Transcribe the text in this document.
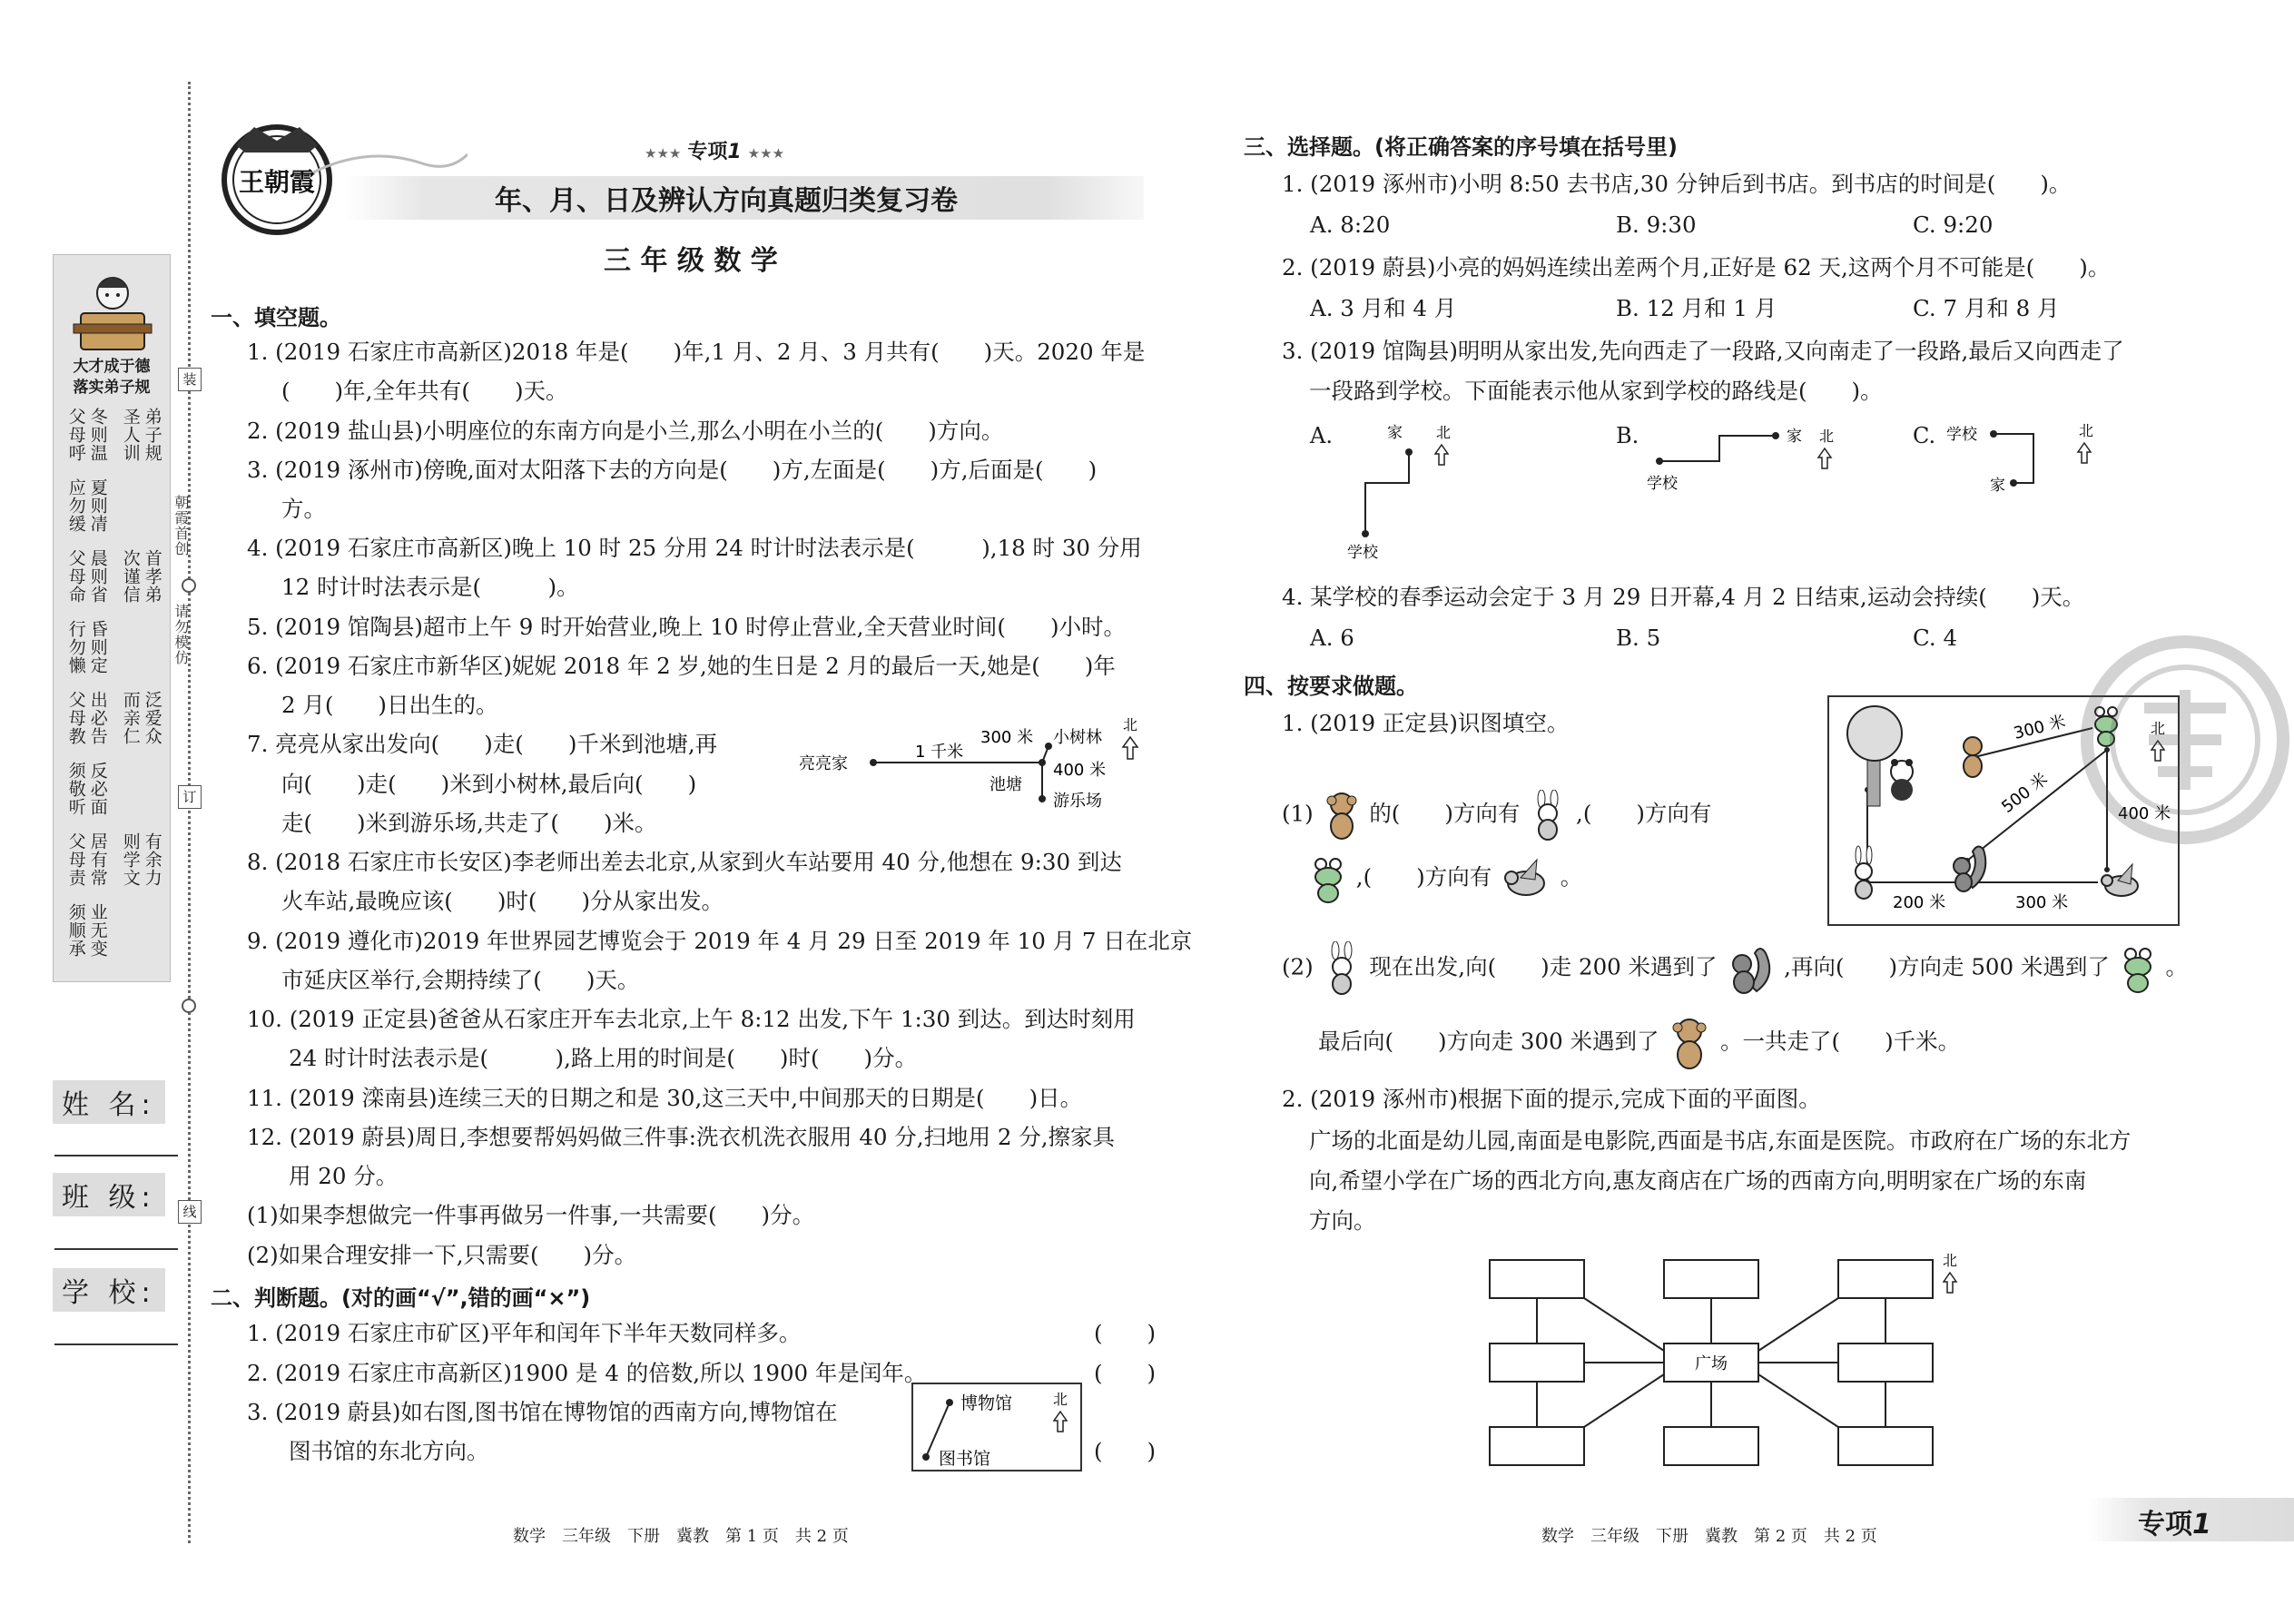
大才成于德
落实弟子规
冬则温
父母呼	弟子规
夏则凊
应勿缓
圣人训
晨则省
父母命	首孝弟
昏则定
行勿懒
次谨信
出必告
父母教	泛爱众
反必面
须敬听
而亲仁
居有常
父母责	有余力
业无变
须顺承
则学文
装
订
线
朝霞首创
请勿模仿
姓 名:
班 级:
学 校:
王朝霞
★★★ 专项1 ★★★
年、月、日及辨认方向真题归类复习卷
三 年 级 数 学
一、填空题。
1. (2019 石家庄市高新区)2018 年是(　　)年,1 月、2 月、3 月共有(　　)天。2020 年是
(　　)年,全年共有(　　)天。
2. (2019 盐山县)小明座位的东南方向是小兰,那么小明在小兰的(　　)方向。
3. (2019 涿州市)傍晚,面对太阳落下去的方向是(　　)方,左面是(　　)方,后面是(　　)
方。
4. (2019 石家庄市高新区)晚上 10 时 25 分用 24 时计时法表示是(　　　),18 时 30 分用
12 时计时法表示是(　　　)。
5. (2019 馆陶县)超市上午 9 时开始营业,晚上 10 时停止营业,全天营业时间(　　)小时。
6. (2019 石家庄市新华区)妮妮 2018 年 2 岁,她的生日是 2 月的最后一天,她是(　　)年
2 月(　　)日出生的。
7. 亮亮从家出发向(　　)走(　　)千米到池塘,再
向(　　)走(　　)米到小树林,最后向(　　)
走(　　)米到游乐场,共走了(　　)米。
8. (2018 石家庄市长安区)李老师出差去北京,从家到火车站要用 40 分,他想在 9:30 到达
火车站,最晚应该(　　)时(　　)分从家出发。
9. (2019 遵化市)2019 年世界园艺博览会于 2019 年 4 月 29 日至 2019 年 10 月 7 日在北京
市延庆区举行,会期持续了(　　)天。
10. (2019 正定县)爸爸从石家庄开车去北京,上午 8:12 出发,下午 1:30 到达。到达时刻用
24 时计时法表示是(　　　),路上用的时间是(　　)时(　　)分。
11. (2019 滦南县)连续三天的日期之和是 30,这三天中,中间那天的日期是(　　)日。
12. (2019 蔚县)周日,李想要帮妈妈做三件事:洗衣机洗衣服用 40 分,扫地用 2 分,擦家具
用 20 分。
(1)如果李想做完一件事再做另一件事,一共需要(　　)分。
(2)如果合理安排一下,只需要(　　)分。
亮亮家
1 千米
300 米
池塘
小树林
400 米
游乐场
北
二、判断题。(对的画“√”,错的画“×”)
1. (2019 石家庄市矿区)平年和闰年下半年天数同样多。
2. (2019 石家庄市高新区)1900 是 4 的倍数,所以 1900 年是闰年。
3. (2019 蔚县)如右图,图书馆在博物馆的西南方向,博物馆在
图书馆的东北方向。
(　　)
(　　)
(　　)
博物馆
图书馆
北
数学　三年级　下册　冀教　第 1 页　共 2 页
三、选择题。(将正确答案的序号填在括号里)
1. (2019 涿州市)小明 8:50 去书店,30 分钟后到书店。到书店的时间是(　　)。
2. (2019 蔚县)小亮的妈妈连续出差两个月,正好是 62 天,这两个月不可能是(　　)。
3. (2019 馆陶县)明明从家出发,先向西走了一段路,又向南走了一段路,最后又向西走了
一段路到学校。下面能表示他从家到学校的路线是(　　)。
4. 某学校的春季运动会定于 3 月 29 日开幕,4 月 2 日结束,运动会持续(　　)天。
A. 8:20	B. 9:30	C. 9:20
A. 3 月和 4 月	B. 12 月和 1 月	C. 7 月和 8 月
A. 6	B. 5	C. 4
A.	家
学校
北	B.	家
学校
北	C. 学校
家
北
四、按要求做题。
1. (2019 正定县)识图填空。
(1)	的(　　)方向有	,(　　)方向有
,(　　)方向有	。
(2)	现在出发,向(　　)走 200 米遇到了	,再向(　　)方向走 500 米遇到了	。
最后向(　　)方向走 300 米遇到了	。一共走了(　　)千米。
300 米
500 米	400 米
200 米	300 米
北
2. (2019 涿州市)根据下面的提示,完成下面的平面图。
广场的北面是幼儿园,南面是电影院,西面是书店,东面是医院。市政府在广场的东北方
向,希望小学在广场的西北方向,惠友商店在广场的西南方向,明明家在广场的东南
方向。
广场
北
数学　三年级　下册　冀教　第 2 页　共 2 页	专项1
